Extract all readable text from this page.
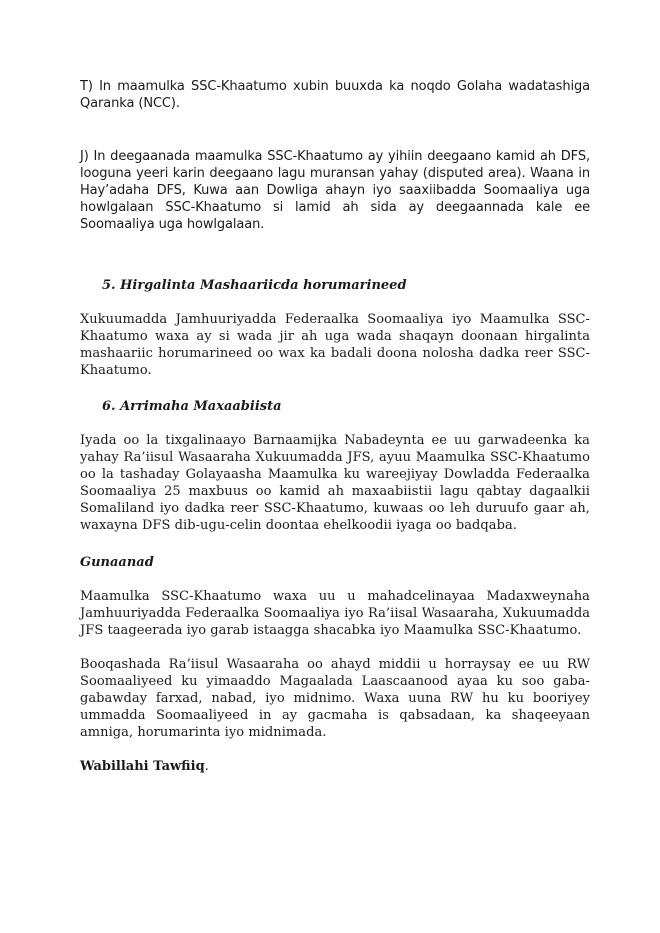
T) In maamulka SSC-Khaatumo xubin buuxda ka noqdo Golaha wadatashiga Qaranka (NCC).

J) In deegaanada maamulka SSC-Khaatumo ay yihiin deegaano kamid ah DFS, looguna yeeri karin deegaano lagu muransan yahay (disputed area). Waana in Hay’adaha DFS, Kuwa aan Dowliga ahayn iyo saaxiibadda Soomaaliya uga howlgalaan SSC-Khaatumo si lamid ah sida ay deegaannada kale ee Soomaaliya uga howlgalaan.

5. Hirgalinta Mashaariicda horumarineed

Xukuumadda Jamhuuriyadda Federaalka Soomaaliya iyo Maamulka SSC-Khaatumo waxa ay si wada jir ah uga wada shaqayn doonaan hirgalinta mashaariic horumarineed oo wax ka badali doona nolosha dadka reer SSC-Khaatumo.

6. Arrimaha Maxaabiista

Iyada oo la tixgalinaayo Barnaamijka Nabadeynta ee uu garwadeenka ka yahay Ra’iisul Wasaaraha Xukuumadda JFS, ayuu Maamulka SSC-Khaatumo oo la tashaday Golayaasha Maamulka ku wareejiyay Dowladda Federaalka Soomaaliya 25 maxbuus oo kamid ah maxaabiistii lagu qabtay dagaalkii Somaliland iyo dadka reer SSC-Khaatumo, kuwaas oo leh duruufo gaar ah, waxayna DFS dib-ugu-celin doontaa ehelkoodii iyaga oo badqaba.

Gunaanad

Maamulka SSC-Khaatumo waxa uu u mahadcelinayaa Madaxweynaha Jamhuuriyadda Federaalka Soomaaliya iyo Ra’iisal Wasaaraha, Xukuumadda JFS taageerada iyo garab istaagga shacabka iyo Maamulka SSC-Khaatumo.

Booqashada Ra’iisul Wasaaraha oo ahayd middii u horraysay ee uu RW Soomaaliyeed ku yimaaddo Magaalada Laascaanood ayaa ku soo gaba-gabawday farxad, nabad, iyo midnimo. Waxa uuna RW hu ku booriyey ummadda Soomaaliyeed in ay gacmaha is qabsadaan, ka shaqeeyaan amniga, horumarinta iyo midnimada.

Wabillahi Tawfiiq.
